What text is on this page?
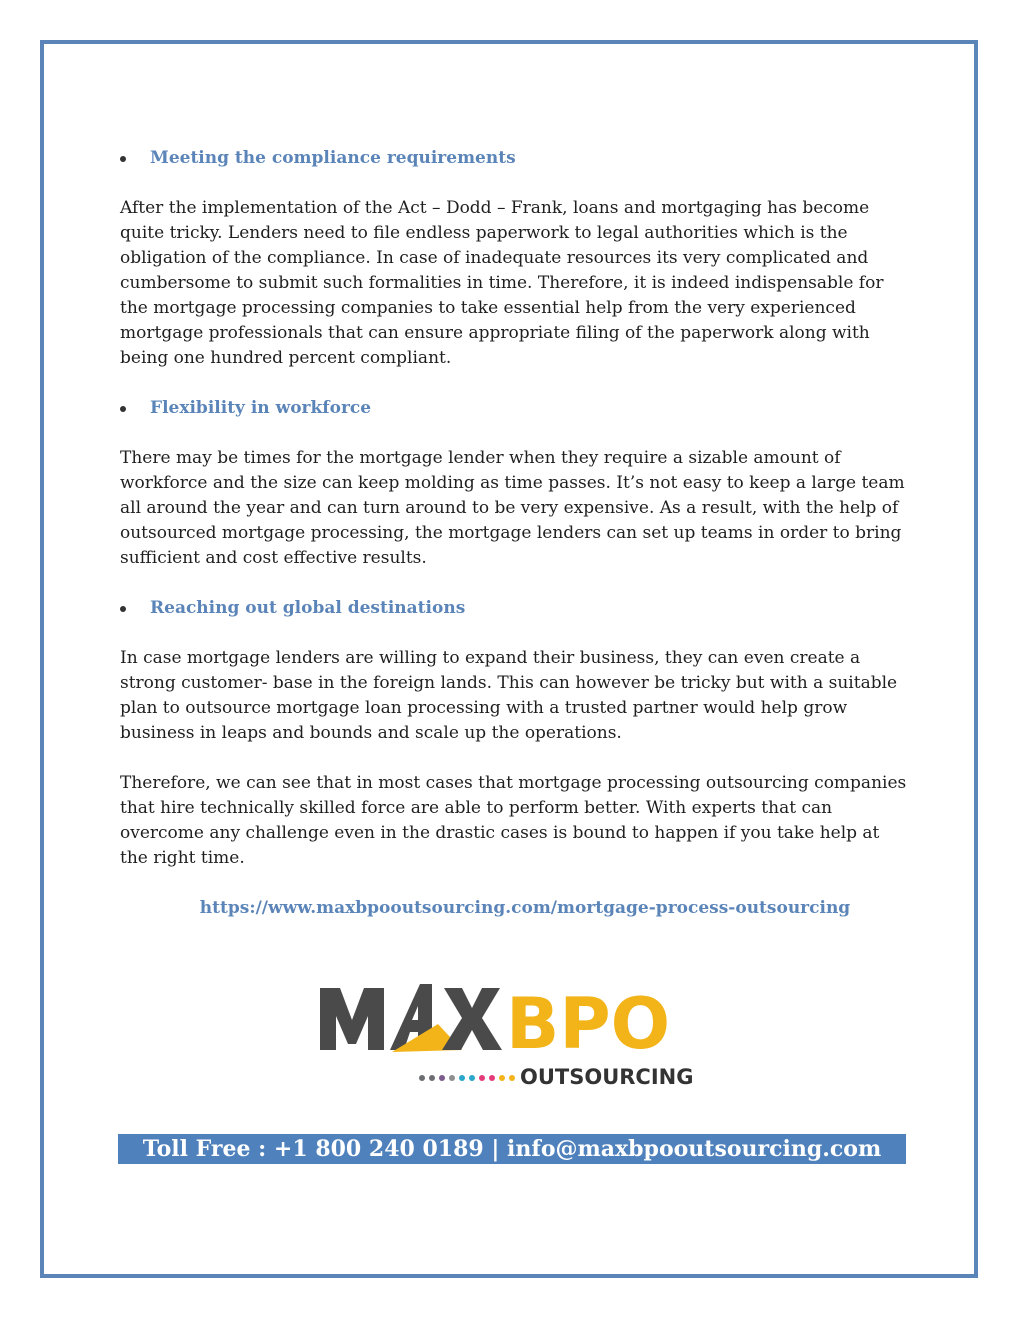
Meeting the compliance requirements

After the implementation of the Act – Dodd – Frank, loans and mortgaging has become quite tricky. Lenders need to file endless paperwork to legal authorities which is the obligation of the compliance. In case of inadequate resources its very complicated and cumbersome to submit such formalities in time. Therefore, it is indeed indispensable for the mortgage processing companies to take essential help from the very experienced mortgage professionals that can ensure appropriate filing of the paperwork along with being one hundred percent compliant.

Flexibility in workforce

There may be times for the mortgage lender when they require a sizable amount of workforce and the size can keep molding as time passes. It’s not easy to keep a large team all around the year and can turn around to be very expensive. As a result, with the help of outsourced mortgage processing, the mortgage lenders can set up teams in order to bring sufficient and cost effective results.

Reaching out global destinations

In case mortgage lenders are willing to expand their business, they can even create a strong customer- base in the foreign lands. This can however be tricky but with a suitable plan to outsource mortgage loan processing with a trusted partner would help grow business in leaps and bounds and scale up the operations.

Therefore, we can see that in most cases that mortgage processing outsourcing companies that hire technically skilled force are able to perform better. With experts that can overcome any challenge even in the drastic cases is bound to happen if you take help at the right time.

https://www.maxbpooutsourcing.com/mortgage-process-outsourcing
BPO
OUTSOURCING
Toll Free : +1 800 240 0189 | info@maxbpooutsourcing.com
